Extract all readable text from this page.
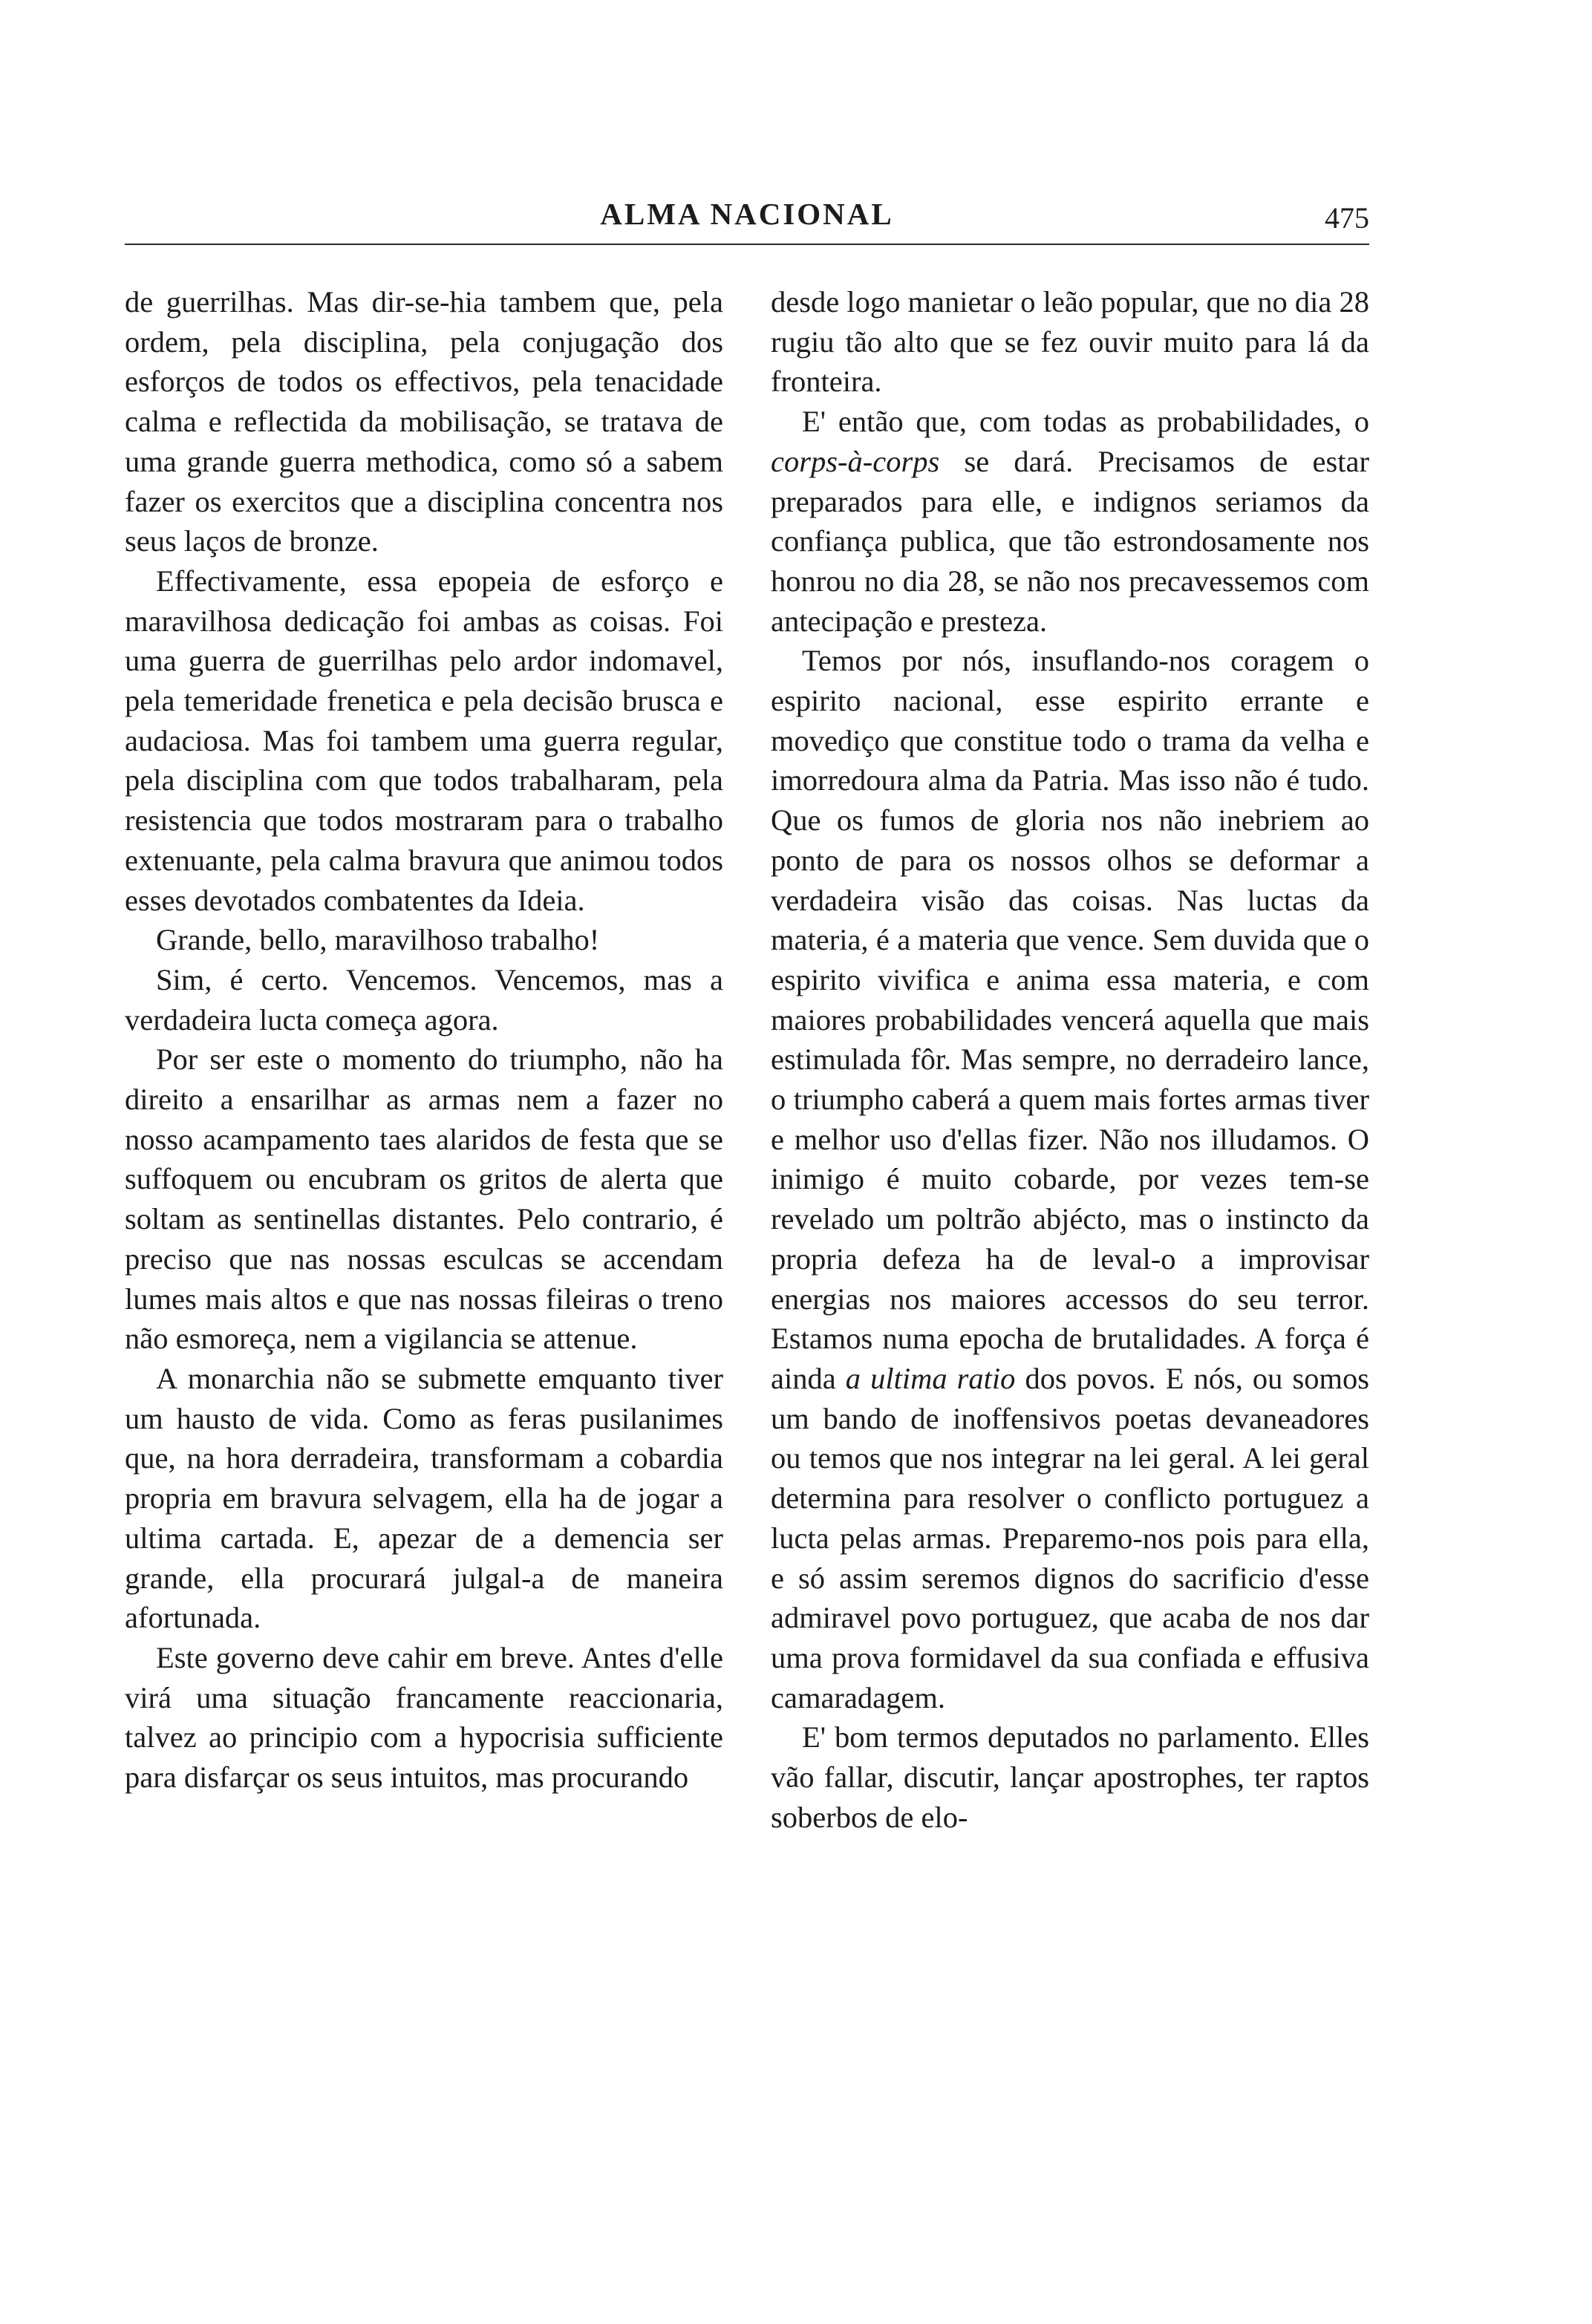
ALMA NACIONAL	475

de guerrilhas. Mas dir-se-hia tambem que, pela ordem, pela disciplina, pela conjugação dos esforços de todos os effectivos, pela tenacidade calma e reflectida da mobilisação, se tratava de uma grande guerra methodica, como só a sabem fazer os exercitos que a disciplina concentra nos seus laços de bronze.

Effectivamente, essa epopeia de esforço e maravilhosa dedicação foi ambas as coisas. Foi uma guerra de guerrilhas pelo ardor indomavel, pela temeridade frenetica e pela decisão brusca e audaciosa. Mas foi tambem uma guerra regular, pela disciplina com que todos trabalharam, pela resistencia que todos mostraram para o trabalho extenuante, pela calma bravura que animou todos esses devotados combatentes da Ideia.

Grande, bello, maravilhoso trabalho!

Sim, é certo. Vencemos. Vencemos, mas a verdadeira lucta começa agora.

Por ser este o momento do triumpho, não ha direito a ensarilhar as armas nem a fazer no nosso acampamento taes alaridos de festa que se suffoquem ou encubram os gritos de alerta que soltam as sentinellas distantes. Pelo contrario, é preciso que nas nossas esculcas se accendam lumes mais altos e que nas nossas fileiras o treno não esmoreça, nem a vigilancia se attenue.

A monarchia não se submette emquanto tiver um hausto de vida. Como as feras pusilanimes que, na hora derradeira, transformam a cobardia propria em bravura selvagem, ella ha de jogar a ultima cartada. E, apezar de a demencia ser grande, ella procurará julgal-a de maneira afortunada.

Este governo deve cahir em breve. Antes d'elle virá uma situação francamente reaccionaria, talvez ao principio com a hypocrisia sufficiente para disfarçar os seus intuitos, mas procurando

desde logo manietar o leão popular, que no dia 28 rugiu tão alto que se fez ouvir muito para lá da fronteira.

E' então que, com todas as probabilidades, o corps-à-corps se dará. Precisamos de estar preparados para elle, e indignos seriamos da confiança publica, que tão estrondosamente nos honrou no dia 28, se não nos precavessemos com antecipação e presteza.

Temos por nós, insuflando-nos coragem o espirito nacional, esse espirito errante e movediço que constitue todo o trama da velha e imorredoura alma da Patria. Mas isso não é tudo. Que os fumos de gloria nos não inebriem ao ponto de para os nossos olhos se deformar a verdadeira visão das coisas. Nas luctas da materia, é a materia que vence. Sem duvida que o espirito vivifica e anima essa materia, e com maiores probabilidades vencerá aquella que mais estimulada fôr. Mas sempre, no derradeiro lance, o triumpho caberá a quem mais fortes armas tiver e melhor uso d'ellas fizer. Não nos illudamos. O inimigo é muito cobarde, por vezes tem-se revelado um poltrão abjécto, mas o instincto da propria defeza ha de leval-o a improvisar energias nos maiores accessos do seu terror. Estamos numa epocha de brutalidades. A força é ainda a ultima ratio dos povos. E nós, ou somos um bando de inoffensivos poetas devaneadores ou temos que nos integrar na lei geral. A lei geral determina para resolver o conflicto portuguez a lucta pelas armas. Preparemo-nos pois para ella, e só assim seremos dignos do sacrificio d'esse admiravel povo portuguez, que acaba de nos dar uma prova formidavel da sua confiada e effusiva camaradagem.

E' bom termos deputados no parlamento. Elles vão fallar, discutir, lançar apostrophes, ter raptos soberbos de elo-
